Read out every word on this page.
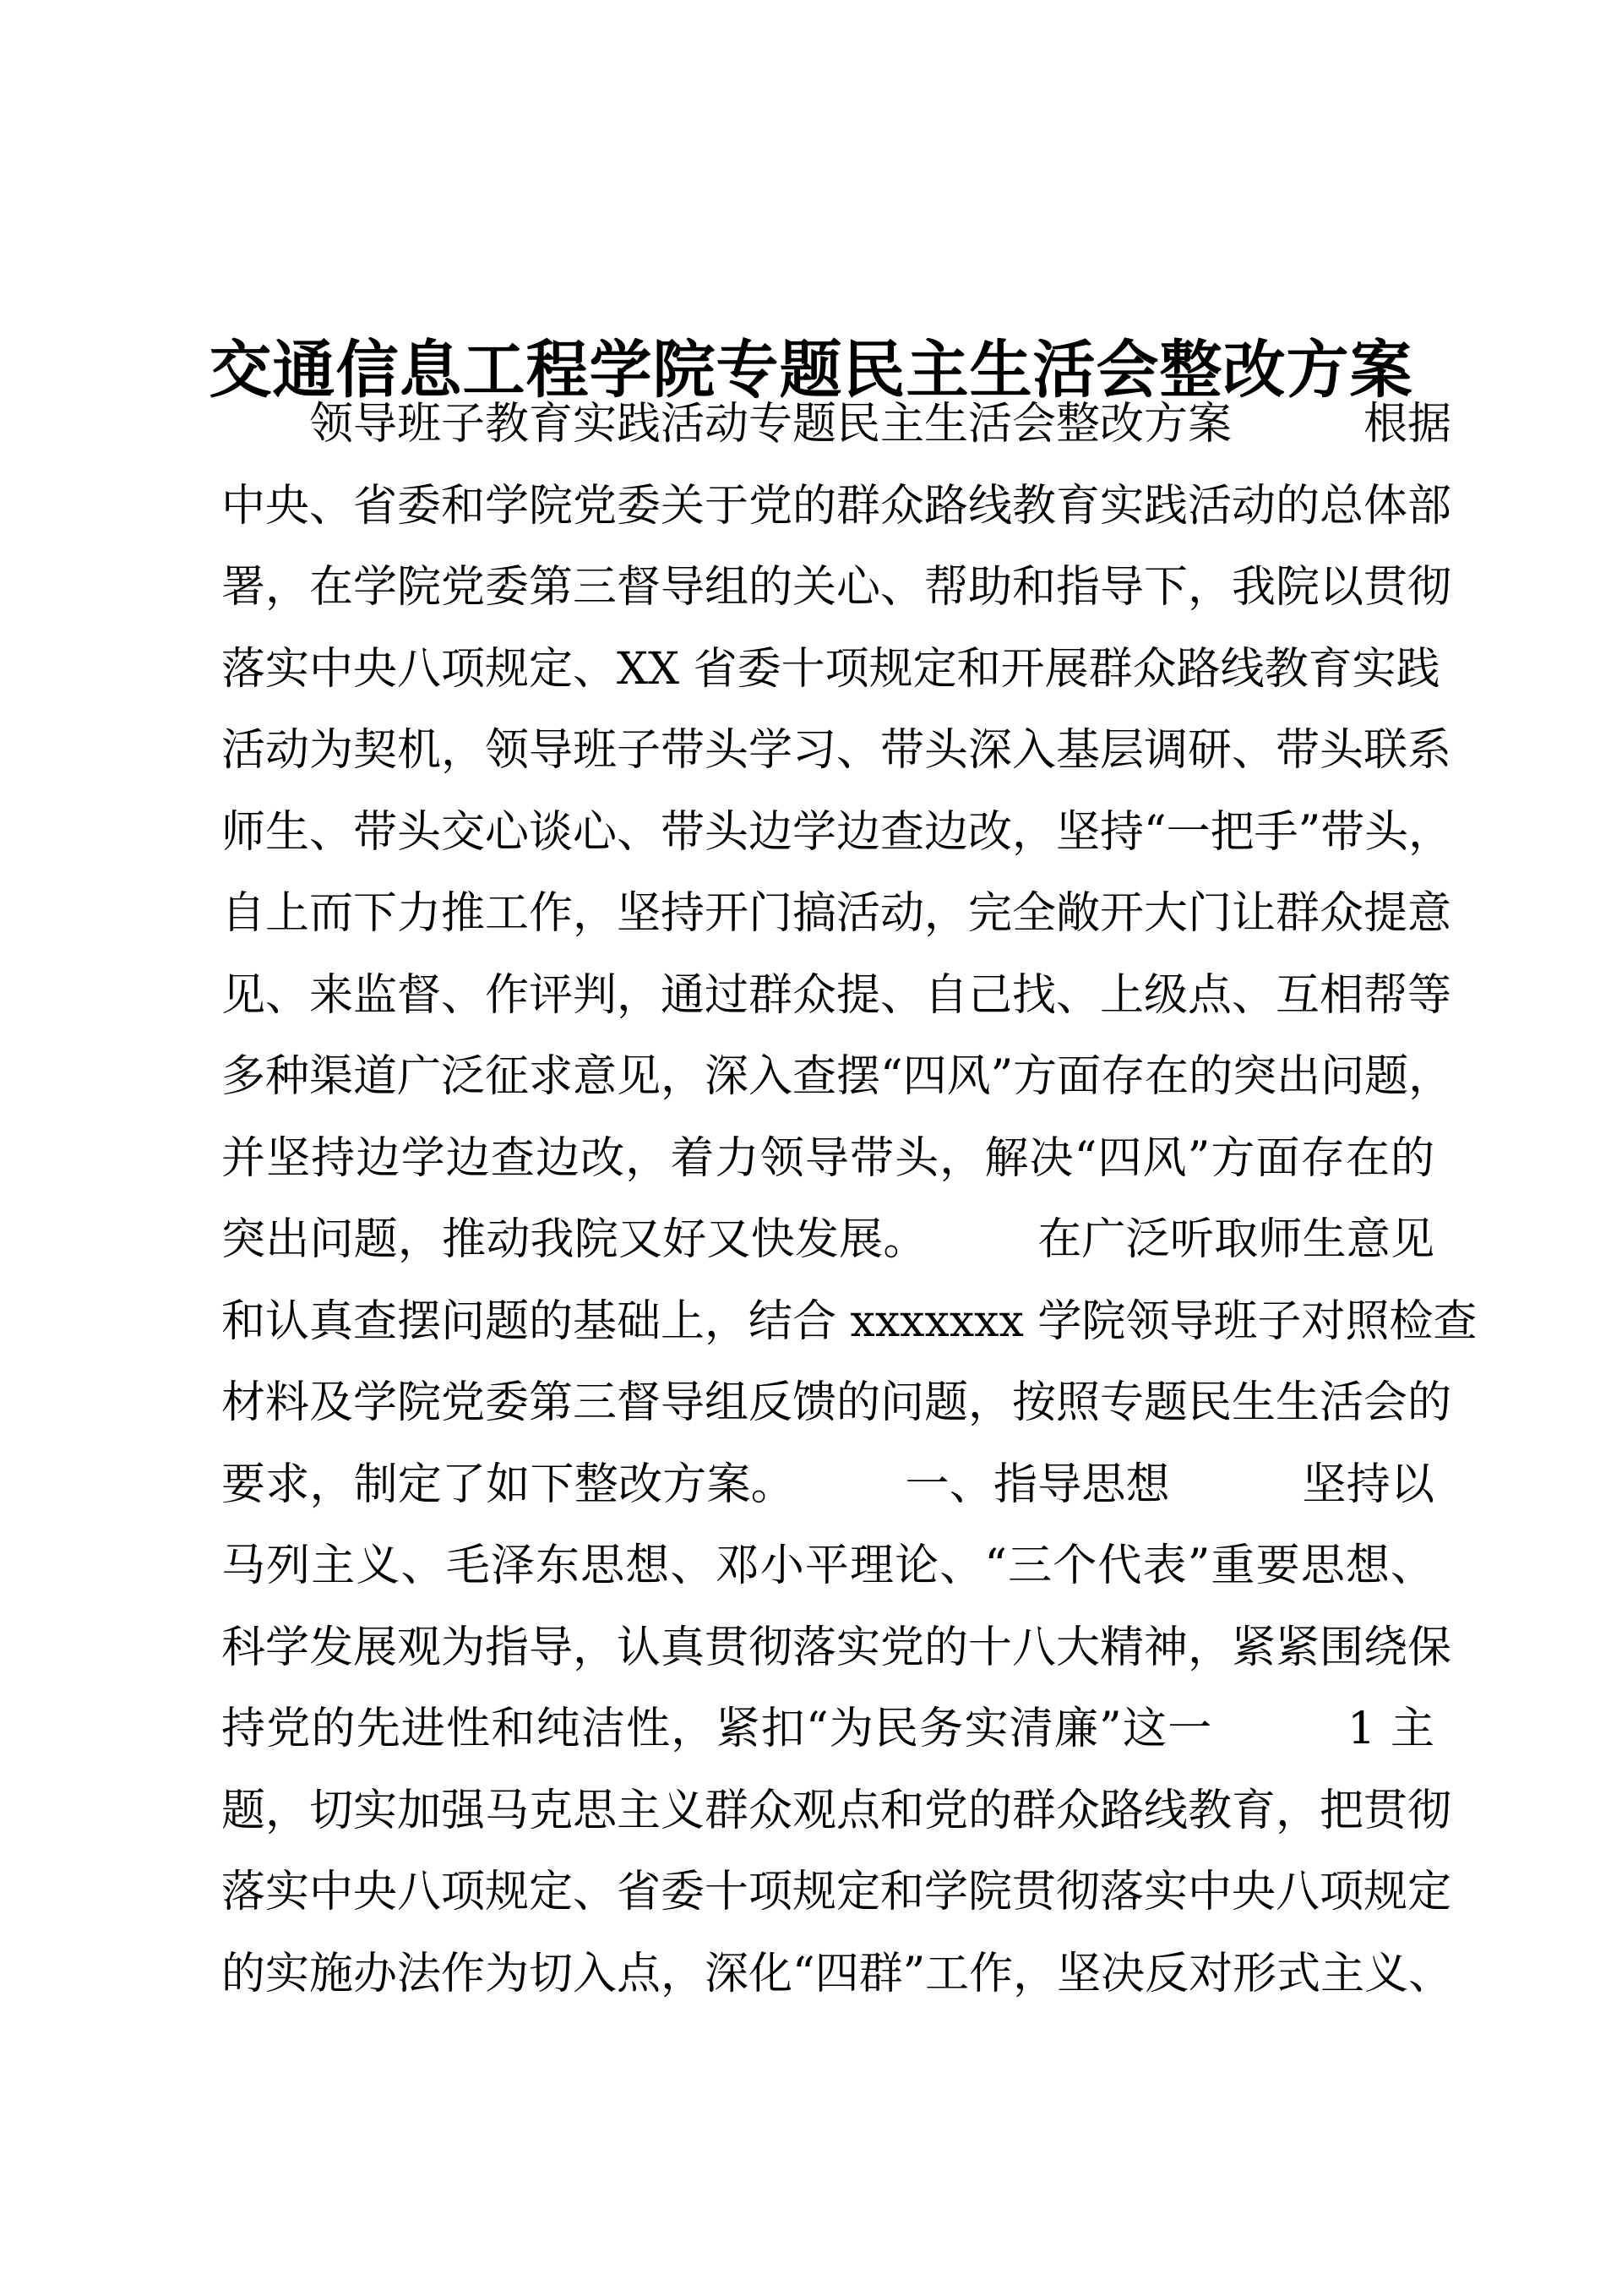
交通信息工程学院专题民主生活会整改方案
　　领导班子教育实践活动专题民主生活会整改方案　　　根据
中央、省委和学院党委关于党的群众路线教育实践活动的总体部
署，在学院党委第三督导组的关心、帮助和指导下，我院以贯彻
落实中央八项规定、XX 省委十项规定和开展群众路线教育实践
活动为契机，领导班子带头学习、带头深入基层调研、带头联系
师生、带头交心谈心、带头边学边查边改，坚持“一把手”带头，
自上而下力推工作，坚持开门搞活动，完全敞开大门让群众提意
见、来监督、作评判，通过群众提、自己找、上级点、互相帮等
多种渠道广泛征求意见，深入查摆“四风”方面存在的突出问题，
并坚持边学边查边改，着力领导带头，解决“四风”方面存在的
突出问题，推动我院又好又快发展。　　　在广泛听取师生意见
和认真查摆问题的基础上，结合 xxxxxxx 学院领导班子对照检查
材料及学院党委第三督导组反馈的问题，按照专题民生生活会的
要求，制定了如下整改方案。　　　一、指导思想　　　坚持以
马列主义、毛泽东思想、邓小平理论、“三个代表”重要思想、
科学发展观为指导，认真贯彻落实党的十八大精神，紧紧围绕保
持党的先进性和纯洁性，紧扣“为民务实清廉”这一　　　1 主
题，切实加强马克思主义群众观点和党的群众路线教育，把贯彻
落实中央八项规定、省委十项规定和学院贯彻落实中央八项规定
的实施办法作为切入点，深化“四群”工作，坚决反对形式主义、
